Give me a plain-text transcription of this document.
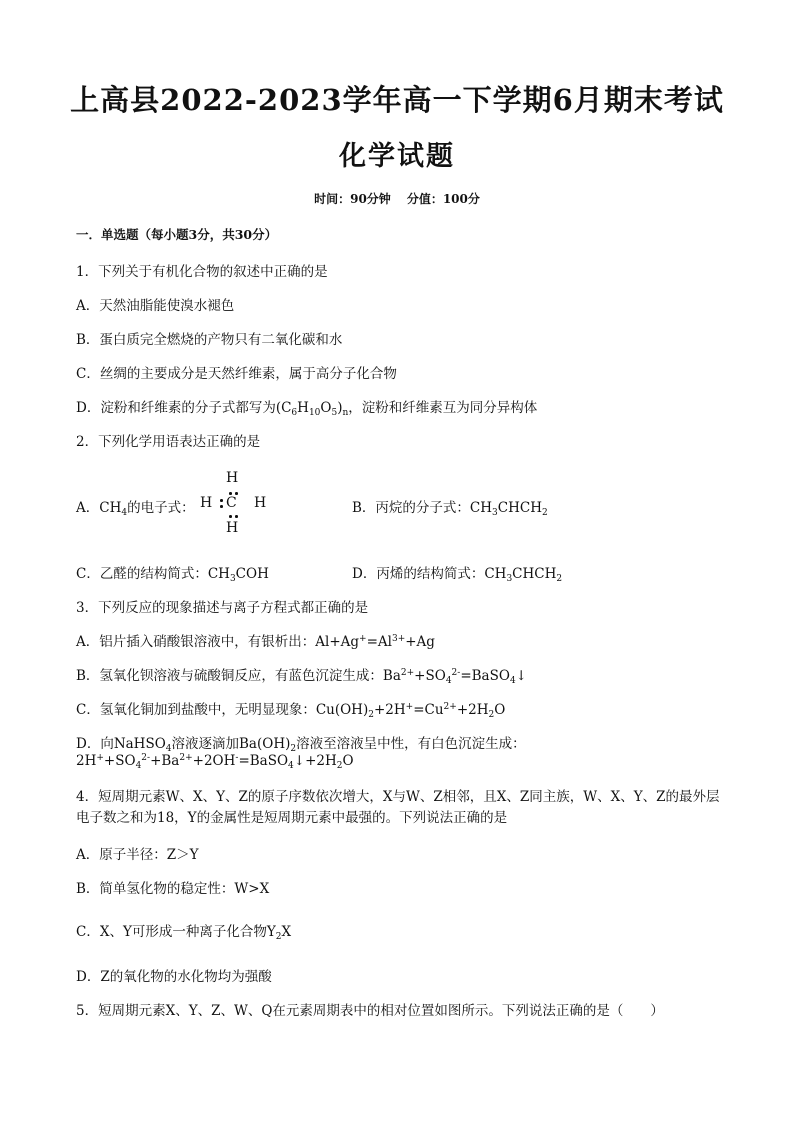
上高县2022-2023学年高一下学期6月期末考试
化学试题
时间：90分钟 分值：100分
一．单选题（每小题3分，共30分）
1．下列关于有机化合物的叙述中正确的是
A．天然油脂能使溴水褪色
B．蛋白质完全燃烧的产物只有二氧化碳和水
C．丝绸的主要成分是天然纤维素，属于高分子化合物
D．淀粉和纤维素的分子式都写为$(C_6H_{10}O_5)_n$，淀粉和纤维素互为同分异构体
2．下列化学用语表达正确的是
A．$CH_4$的电子式：
H
H C H
H
B．丙烷的分子式：$CH_3CHCH_2$
C．乙醛的结构简式：$CH_3COH$	D．丙烯的结构简式：$CH_3CHCH_2$
3．下列反应的现象描述与离子方程式都正确的是
A．铝片插入硝酸银溶液中，有银析出：$Al+Ag^+=Al^{3+}+Ag$
B．氢氧化钡溶液与硫酸铜反应，有蓝色沉淀生成：$Ba^{2+}+SO_4^{2-}=BaSO_4↓$
C．氢氧化铜加到盐酸中，无明显现象：$Cu(OH)_2+2H^+=Cu^{2+}+2H_2O$
D．向NaHSO$_4$溶液逐滴加$Ba(OH)_2$溶液至溶液呈中性，有白色沉淀生成：
$2H^++SO_4^{2-}+Ba^{2+}+2OH^-=BaSO_4↓+2H_2O$
4．短周期元素W、X、Y、Z的原子序数依次增大，X与W、Z相邻，且X、Z同主族，W、X、Y、Z的最外层电子数之和为18，Y的金属性是短周期元素中最强的。下列说法正确的是
A．原子半径：Z＞Y
B．简单氢化物的稳定性：W>X
C．X、Y可形成一种离子化合物$Y_2X$
D．Z的氧化物的水化物均为强酸
5．短周期元素X、Y、Z、W、Q在元素周期表中的相对位置如图所示。下列说法正确的是（　　）
